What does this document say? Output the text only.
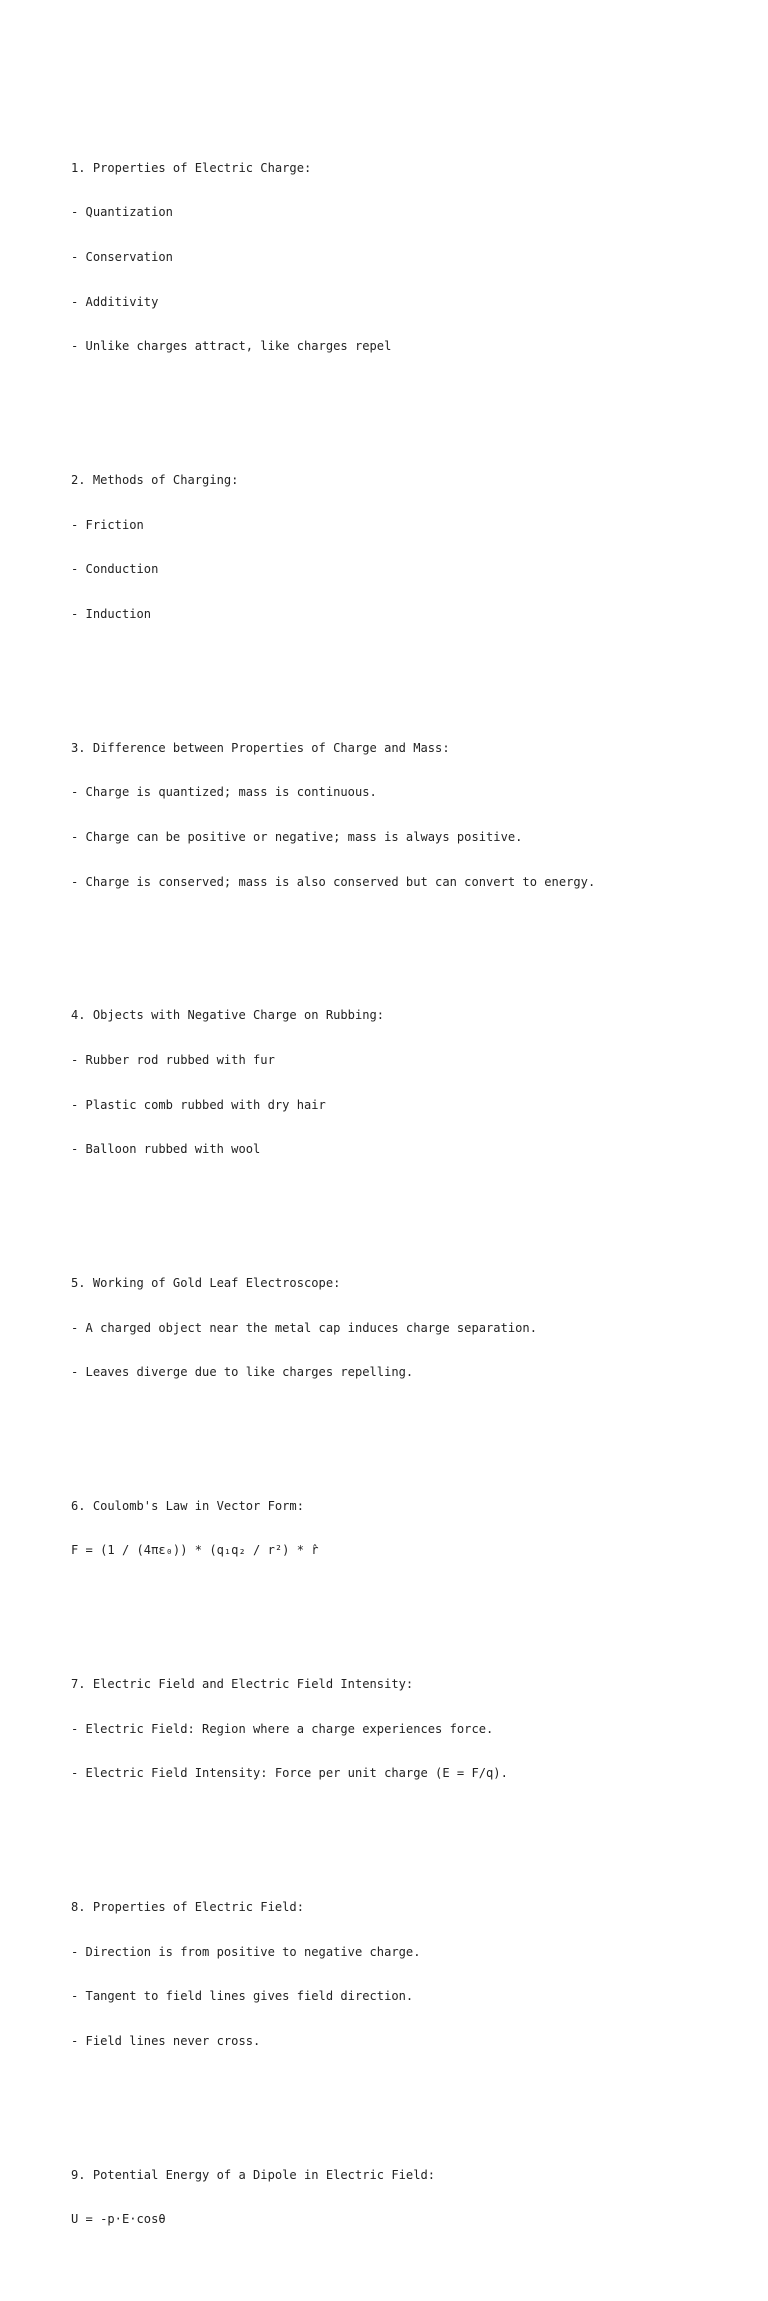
1. Properties of Electric Charge:

- Quantization

- Conservation

- Additivity

- Unlike charges attract, like charges repel

2. Methods of Charging:

- Friction

- Conduction

- Induction

3. Difference between Properties of Charge and Mass:

- Charge is quantized; mass is continuous.

- Charge can be positive or negative; mass is always positive.

- Charge is conserved; mass is also conserved but can convert to energy.

4. Objects with Negative Charge on Rubbing:

- Rubber rod rubbed with fur

- Plastic comb rubbed with dry hair

- Balloon rubbed with wool

5. Working of Gold Leaf Electroscope:

- A charged object near the metal cap induces charge separation.

- Leaves diverge due to like charges repelling.

6. Coulomb's Law in Vector Form:

F = (1 / (4πε₀)) * (q₁q₂ / r²) * r̂

7. Electric Field and Electric Field Intensity:

- Electric Field: Region where a charge experiences force.

- Electric Field Intensity: Force per unit charge (E = F/q).

8. Properties of Electric Field:

- Direction is from positive to negative charge.

- Tangent to field lines gives field direction.

- Field lines never cross.

9. Potential Energy of a Dipole in Electric Field:

U = -p·E·cosθ
